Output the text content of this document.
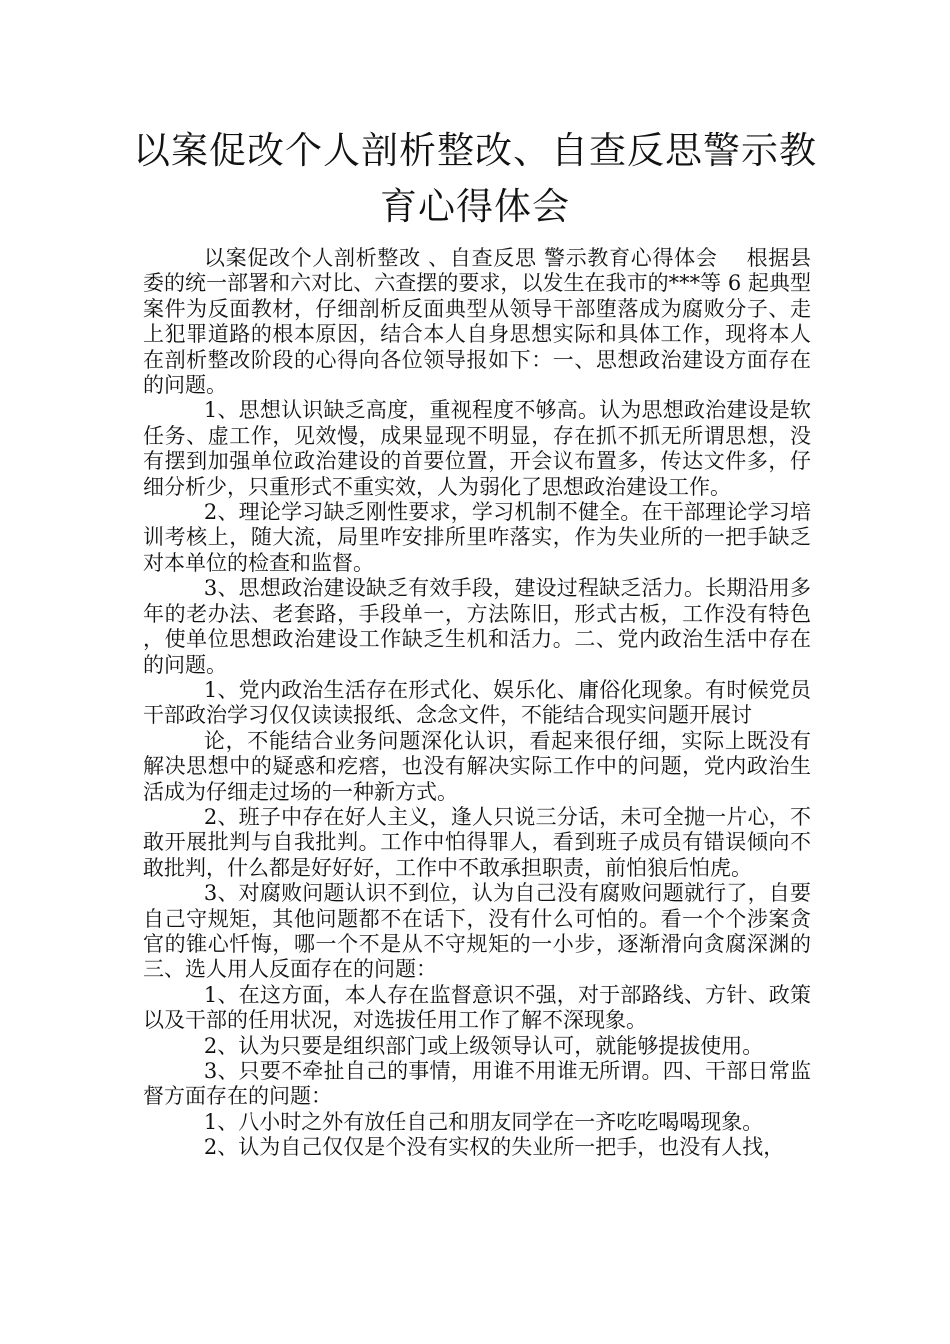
以案促改个人剖析整改、自查反思警示教
育心得体会

以案促改个人剖析整改 、自查反思 警示教育心得体会 　根据县委的统一部署和六对比、六查摆的要求，以发生在我市的***等 6 起典型案件为反面教材，仔细剖析反面典型从领导干部堕落成为腐败分子、走上犯罪道路的根本原因，结合本人自身思想实际和具体工作，现将本人在剖析整改阶段的心得向各位领导报如下：一、思想政治建设方面存在的问题。

1、思想认识缺乏高度，重视程度不够高。认为思想政治建设是软任务、虚工作，见效慢，成果显现不明显，存在抓不抓无所谓思想，没有摆到加强单位政治建设的首要位置，开会议布置多，传达文件多，仔细分析少，只重形式不重实效，人为弱化了思想政治建设工作。

2、理论学习缺乏刚性要求，学习机制不健全。在干部理论学习培训考核上，随大流，局里咋安排所里咋落实，作为失业所的一把手缺乏对本单位的检查和监督。

3、思想政治建设缺乏有效手段，建设过程缺乏活力。长期沿用多年的老办法、老套路，手段单一，方法陈旧，形式古板，工作没有特色，使单位思想政治建设工作缺乏生机和活力。二、党内政治生活中存在的问题。

1、党内政治生活存在形式化、娱乐化、庸俗化现象。有时候党员干部政治学习仅仅读读报纸、念念文件，不能结合现实问题开展讨

论，不能结合业务问题深化认识，看起来很仔细，实际上既没有解决思想中的疑惑和疙瘩，也没有解决实际工作中的问题，党内政治生活成为仔细走过场的一种新方式。

2、班子中存在好人主义，逢人只说三分话，未可全抛一片心，不敢开展批判与自我批判。工作中怕得罪人，看到班子成员有错误倾向不敢批判，什么都是好好好，工作中不敢承担职责，前怕狼后怕虎。

3、对腐败问题认识不到位，认为自己没有腐败问题就行了，自要自己守规矩，其他问题都不在话下，没有什么可怕的。看一个个涉案贪官的锥心忏悔，哪一个不是从不守规矩的一小步，逐渐滑向贪腐深渊的三、选人用人反面存在的问题：

1、在这方面，本人存在监督意识不强，对于部路线、方针、政策以及干部的任用状况，对选拔任用工作了解不深现象。

2、认为只要是组织部门或上级领导认可，就能够提拔使用。

3、只要不牵扯自己的事情，用谁不用谁无所谓。四、干部日常监督方面存在的问题：

1、八小时之外有放任自己和朋友同学在一齐吃吃喝喝现象。

2、认为自己仅仅是个没有实权的失业所一把手，也没有人找，
